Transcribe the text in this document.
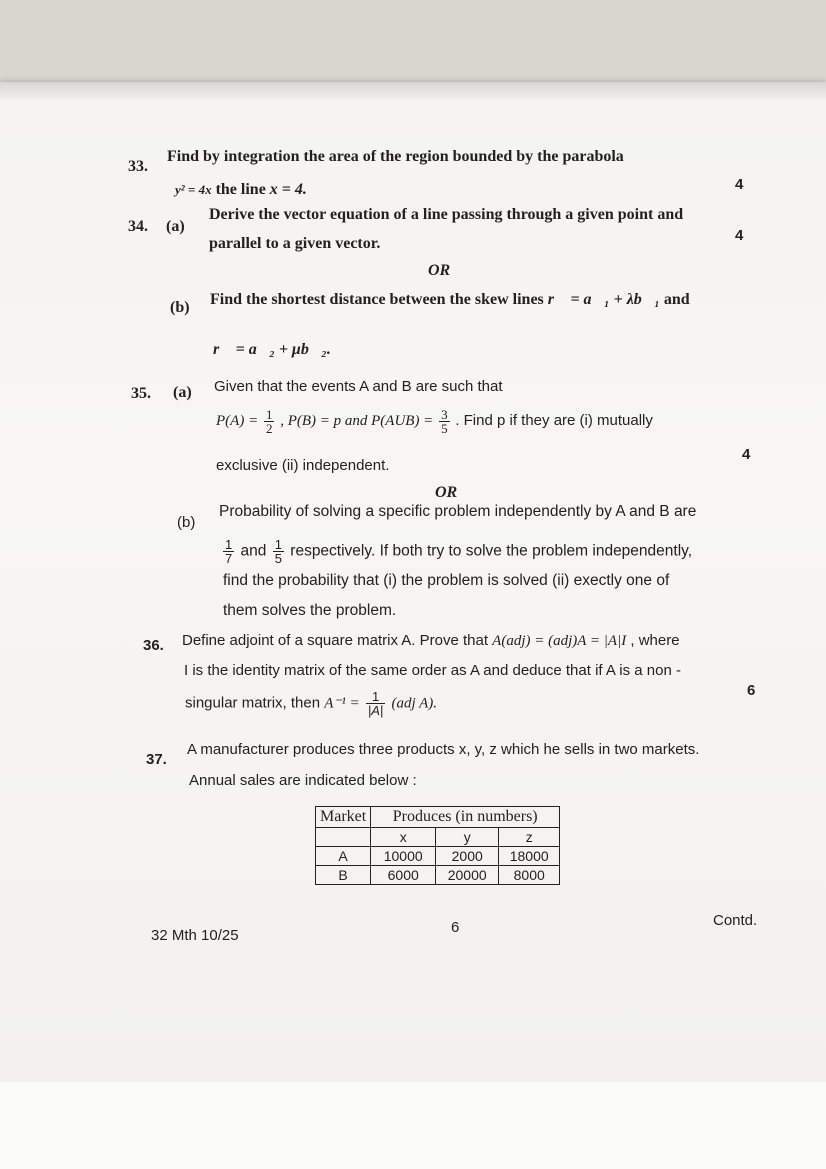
33.
Find by integration the area of the region bounded by the parabola
y² = 4x the line x = 4.	4
34. (a)
Derive the vector equation of a line passing through a given point and
parallel to a given vector.	4
OR
(b) Find the shortest distance between the skew lines r⃗ = a⃗₁ + λb⃗₁ and
r⃗ = a⃗₂ + μb⃗₂.
35. (a) Given that the events A and B are such that
$P(A) = \frac{1}{2}$ , P(B) = p and $P(AUB) = \frac{3}{5}$ . Find p if they are (i) mutually
exclusive (ii) independent.
4
OR
(b)
Probability of solving a specific problem independently by A and B are
$\frac{1}{7}$ and $\frac{1}{5}$ respectively. If both try to solve the problem independently,
find the probability that (i) the problem is solved (ii) exectly one of
them solves the problem.
36. Define adjoint of a square matrix A. Prove that A(adj) = (adj)A = |A|I , where
I is the identity matrix of the same order as A and deduce that if A is a non -
singular matrix, then $A^{-1} = \frac{1}{|A|} (adj$ A).
6
37.
A manufacturer produces three products x, y, z which he sells in two markets.
Annual sales are indicated below :
Market	Produces (in numbers)		
	x	y	z
A	10000	2000	18000
B	6000	20000	8000
32 Mth 10/25	6	Contd.
